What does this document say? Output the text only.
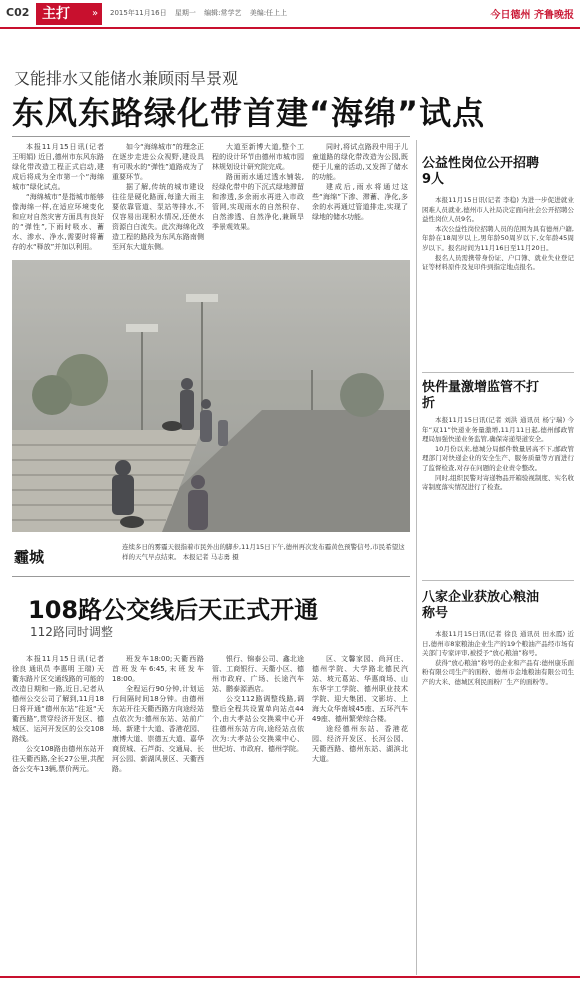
C02 主打	»	2015年11月16日 星期一 编辑:常学艺 美编:任上上	今日德州 齐鲁晚报
又能排水又能储水兼顾雨旱景观
东风东路绿化带首建“海绵”试点

本报11月15日讯(记者 王明娟) 近日,德州市东风东路绿化带改造工程正式启动,建成后将成为全市第一个“海绵城市”绿化试点。

“海绵城市”是指城市能够像海绵一样,在适应环境变化和应对自然灾害方面具有良好的“弹性”,下雨时吸水、蓄水、渗水、净水,需要时将蓄存的水“释放”并加以利用。

如今“海绵城市”的理念正在逐步走进公众视野,建设具有可吸水的“弹性”道路成为了重要环节。

据了解,传统的城市建设往往是硬化路面,每逢大雨主要依靠管道、泵站等排水,不仅容易出现积水情况,还使水资源白白流失。此次海绵化改造工程的路段为东风东路南侧至河东大道东侧。

大道至新博大道,整个工程的设计环节由德州市城市园林规划设计研究院完成。

路面雨水通过透水铺装,经绿化带中的下沉式绿地滞留和渗透,多余雨水再进入市政管网,实现雨水的自然积存、自然渗透、自然净化,兼顾旱季景观效果。

同时,将试点路段中用于儿童道路的绿化带改造为公园,既便于儿童的活动,又发挥了储水的功能。

建成后,雨水将通过这些“海绵”下渗、滞蓄、净化,多余的水再通过管道排走,实现了绿地的储水功能。

霾城
连续多日的雾霾天很指着市民外出的脚步,11月15日下午,德州再次发布霾黄色预警信号,市民希望这样的天气早点结束。 本报记者 马志勇 摄
108路公交线后天正式开通
112路同时调整

本报11月15日讯(记者 徐良 通讯员 李惠明 王瑞) 天衢东路片区交通线路的可能的改造日期和一路,近日,记者从德州公交公司了解到,11月18日将开通“德州东站”往返“天衢西路”,贯穿经济开发区、德城区、运河开发区的公交108路线。

公交108路由德州东站开往天衢西路,全长27公里,共配备公交车13辆,票价两元。

班发车18:00;天衢西路首班发车6:45,末班发车18:00。

全程运行90分钟,计划运行间隔时间18分钟。由德州东站开往天衢西路方向途经站点依次为:德州东站、站前广场、新建十大道、香港花园、康博大道、崇德五大道、嘉华商贸城、石芦街、交通局、长河公园、新湖风景区、天衢西路。

银行、锦泰公司、鑫北途管、工商银行、天衢小区、德州市政府、广场、长途汽车站、鹏泰源酒店。

公交112路调整线路,调整后全程共设置单向站点44个,由大孝站公交换乘中心开往德州东站方向,途经站点依次为:大孝站公交换乘中心、世纪坊、市政府、德州学院。

区、文馨家园、尚河庄、德州学院、大学路北德民汽站、坡元葛站、华惠商场、山东华宇工学院、德州职业技术学院、迎大集团、文影坊、上海大众华南城45座、五环汽车49座、德州繁荣综合楼。

途经德州东站、香港花园、经济开发区、长河公园、天衢西路、德州东站、湖滨北大道。

公益性岗位公开招聘9人

本报11月15日讯(记者 李稳) 为进一步促进就业困难人员就业,德州市人社局决定面向社会公开招聘公益性岗位人员9名。

本次公益性岗位招聘人员的范围为具有德州户籍,年龄在18周岁以上,男年龄50周岁以下,女年龄45周岁以下。报名时间为11月16日至11月20日。

报名人员需携带身份证、户口簿、就业失业登记证等材料原件及复印件到指定地点报名。

快件量激增监管不打折

本报11月15日讯(记者 刘洪 通讯员 杨宁瑞) 今年“双11”快递业务量激增,11月11日起,德州邮政管理局加强快递业务监管,确保寄递渠道安全。

10月份以来,德城分局邮件数量居高不下,邮政管理部门对快递企业的安全生产、服务质量等方面进行了监督检查,对存在问题的企业责令整改。

同时,组织民警对寄递物品开箱验视制度、实名收寄制度落实情况进行了检查。

八家企业获放心粮油称号

本报11月15日讯(记者 徐良 通讯员 田永霞) 近日,德州市8家粮油企业生产的19个粮油产品经市场有关部门专家评审,被授予“放心粮油”称号。

获得“放心粮油”称号的企业和产品有:德州康乐面粉有限公司生产的面粉、德州市金地粮油有限公司生产的大米、德城区利民面粉厂生产的面粉等。
